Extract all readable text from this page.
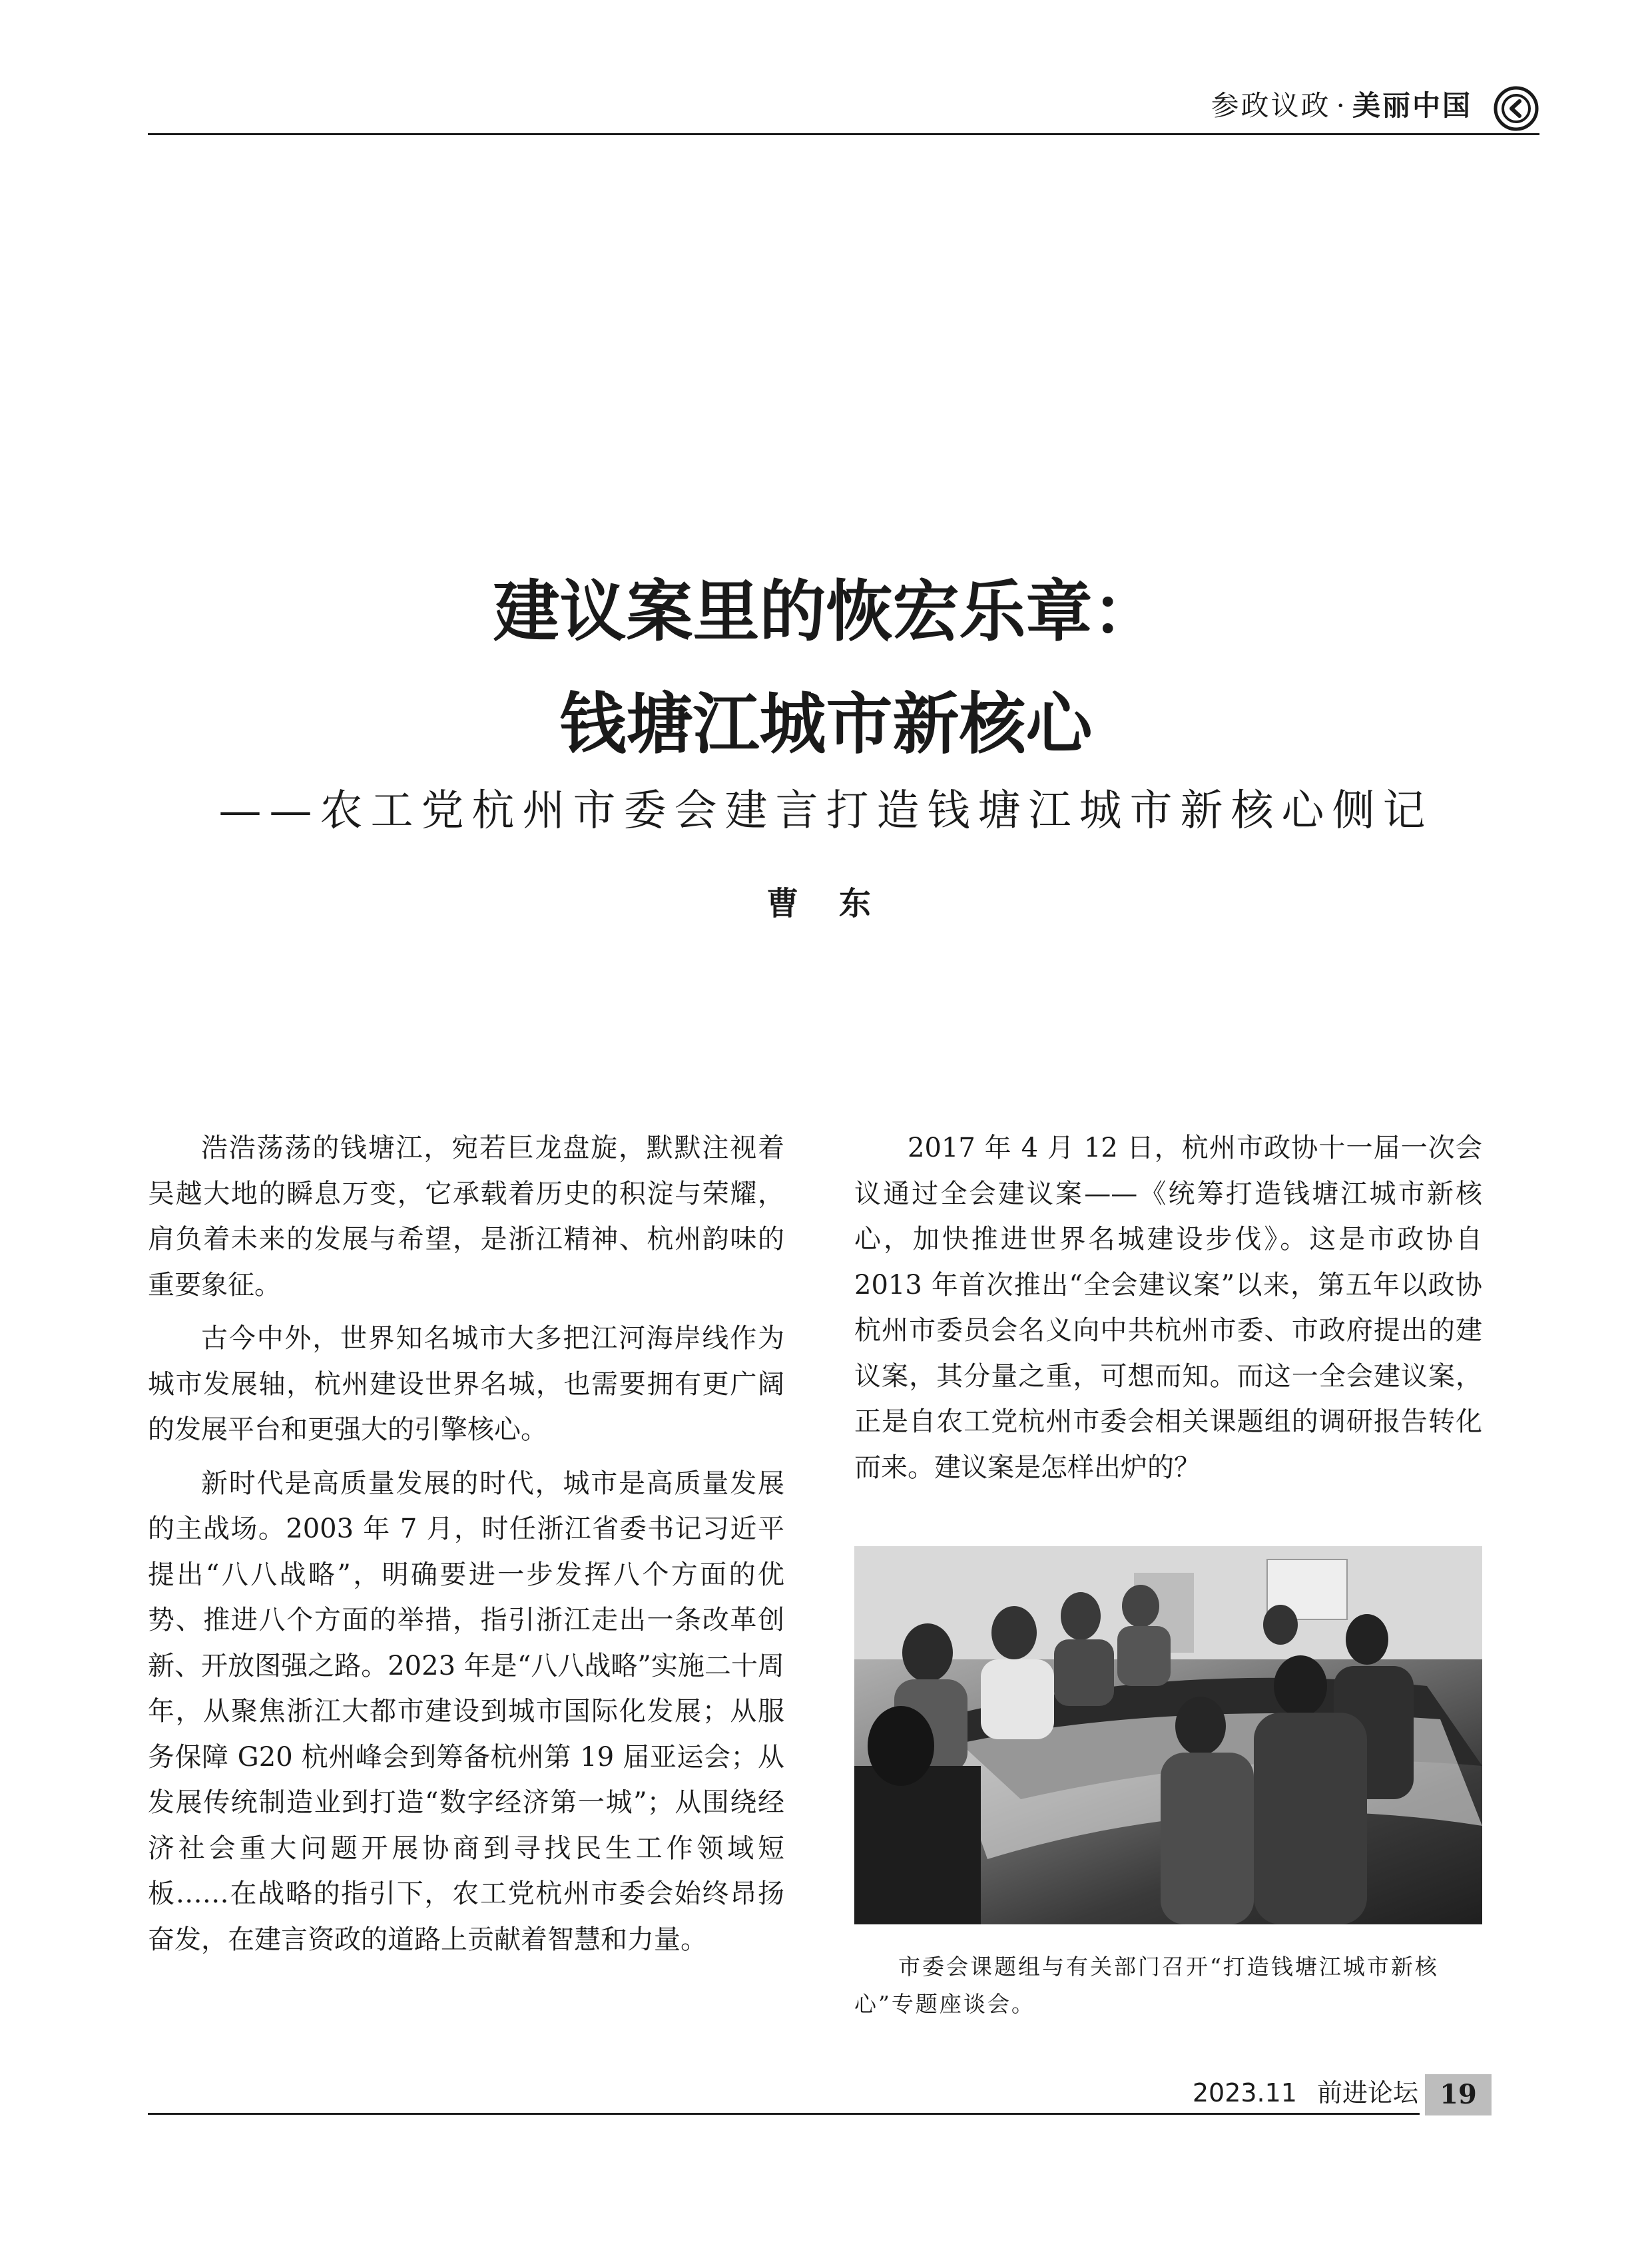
参政议政 · 美丽中国
建议案里的恢宏乐章：
钱塘江城市新核心
——农工党杭州市委会建言打造钱塘江城市新核心侧记
曹 东

浩浩荡荡的钱塘江，宛若巨龙盘旋，默默注视着吴越大地的瞬息万变，它承载着历史的积淀与荣耀，肩负着未来的发展与希望，是浙江精神、杭州韵味的重要象征。

古今中外，世界知名城市大多把江河海岸线作为城市发展轴，杭州建设世界名城，也需要拥有更广阔的发展平台和更强大的引擎核心。

新时代是高质量发展的时代，城市是高质量发展的主战场。2003 年 7 月，时任浙江省委书记习近平提出“八八战略”，明确要进一步发挥八个方面的优势、推进八个方面的举措，指引浙江走出一条改革创新、开放图强之路。2023 年是“八八战略”实施二十周年，从聚焦浙江大都市建设到城市国际化发展；从服务保障 G20 杭州峰会到筹备杭州第 19 届亚运会；从发展传统制造业到打造“数字经济第一城”；从围绕经济社会重大问题开展协商到寻找民生工作领域短板……在战略的指引下，农工党杭州市委会始终昂扬奋发，在建言资政的道路上贡献着智慧和力量。

2017 年 4 月 12 日，杭州市政协十一届一次会议通过全会建议案——《统筹打造钱塘江城市新核心，加快推进世界名城建设步伐》。这是市政协自 2013 年首次推出“全会建议案”以来，第五年以政协杭州市委员会名义向中共杭州市委、市政府提出的建议案，其分量之重，可想而知。而这一全会建议案，正是自农工党杭州市委会相关课题组的调研报告转化而来。建议案是怎样出炉的？

市委会课题组与有关部门召开“打造钱塘江城市新核心”专题座谈会。
2023.11 前进论坛 19
